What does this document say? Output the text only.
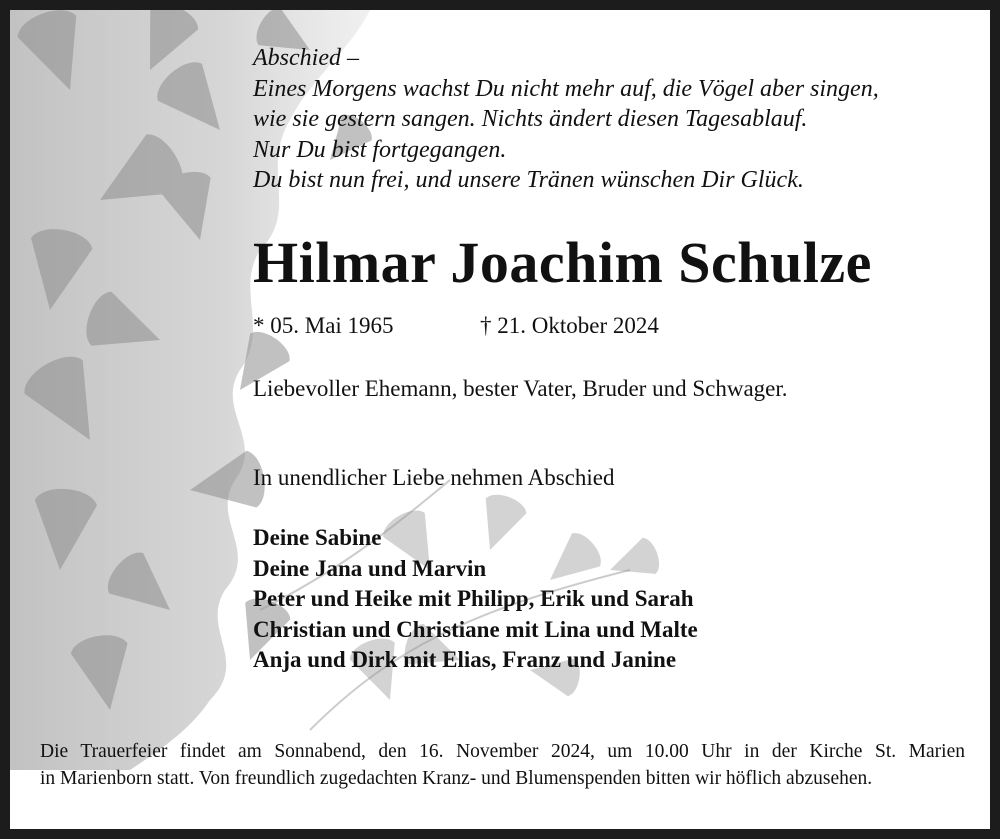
Abschied –
Eines Morgens wachst Du nicht mehr auf, die Vögel aber singen,
wie sie gestern sangen. Nichts ändert diesen Tagesablauf.
Nur Du bist fortgegangen.
Du bist nun frei, und unsere Tränen wünschen Dir Glück.
Hilmar Joachim Schulze
* 05. Mai 1965	† 21. Oktober 2024
Liebevoller Ehemann, bester Vater, Bruder und Schwager.
In unendlicher Liebe nehmen Abschied
Deine Sabine
Deine Jana und Marvin
Peter und Heike mit Philipp, Erik und Sarah
Christian und Christiane mit Lina und Malte
Anja und Dirk mit Elias, Franz und Janine
Die Trauerfeier findet am Sonnabend, den 16. November 2024, um 10.00 Uhr in der Kirche St. Marien
in Marienborn statt. Von freundlich zugedachten Kranz- und Blumenspenden bitten wir höflich abzusehen.
